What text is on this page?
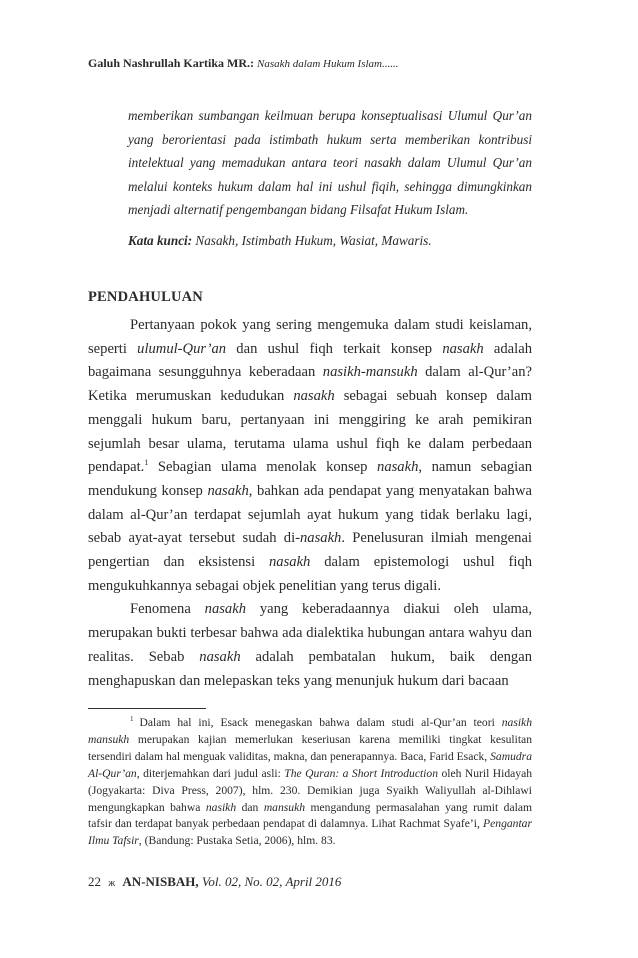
Galuh Nashrullah Kartika MR.: Nasakh dalam Hukum Islam......

memberikan sumbangan keilmuan berupa konseptualisasi Ulumul Qur’an yang berorientasi pada istimbath hukum serta memberikan kontribusi intelektual yang memadukan antara teori nasakh dalam Ulumul Qur’an melalui konteks hukum dalam hal ini ushul fiqih, sehingga dimungkinkan menjadi alternatif pengembangan bidang Filsafat Hukum Islam.

Kata kunci: Nasakh, Istimbath Hukum, Wasiat, Mawaris.
PENDAHULUAN

Pertanyaan pokok yang sering mengemuka dalam studi keislaman, seperti ulumul-Qur’an dan ushul fiqh terkait konsep nasakh adalah bagaimana sesungguhnya keberadaan nasikh-mansukh dalam al-Qur’an? Ketika merumuskan kedudukan nasakh sebagai sebuah konsep dalam menggali hukum baru, pertanyaan ini menggiring ke arah pemikiran sejumlah besar ulama, terutama ulama ushul fiqh ke dalam perbedaan pendapat.$^1$ Sebagian ulama menolak konsep nasakh, namun sebagian mendukung konsep nasakh, bahkan ada pendapat yang menyatakan bahwa dalam al-Qur’an terdapat sejumlah ayat hukum yang tidak berlaku lagi, sebab ayat-ayat tersebut sudah di-nasakh. Penelusuran ilmiah mengenai pengertian dan eksistensi nasakh dalam epistemologi ushul fiqh mengukuhkannya sebagai objek penelitian yang terus digali.

Fenomena nasakh yang keberadaannya diakui oleh ulama, merupakan bukti terbesar bahwa ada dialektika hubungan antara wahyu dan realitas. Sebab nasakh adalah pembatalan hukum, baik dengan menghapuskan dan melepaskan teks yang menunjuk hukum dari bacaan

$^1$ Dalam hal ini, Esack menegaskan bahwa dalam studi al-Qur’an teori nasikh mansukh merupakan kajian memerlukan keseriusan karena memiliki tingkat kesulitan tersendiri dalam hal menguak validitas, makna, dan penerapannya. Baca, Farid Esack, Samudra Al-Qur’an, diterjemahkan dari judul asli: The Quran: a Short Introduction oleh Nuril Hidayah (Jogyakarta: Diva Press, 2007), hlm. 230. Demikian juga Syaikh Waliyullah al-Dihlawi mengungkapkan bahwa nasikh dan mansukh mengandung permasalahan yang rumit dalam tafsir dan terdapat banyak perbedaan pendapat di dalamnya. Lihat Rachmat Syafe’i, Pengantar Ilmu Tafsir, (Bandung: Pustaka Setia, 2006), hlm. 83.

22 ж AN-NISBAH, Vol. 02, No. 02, April 2016
